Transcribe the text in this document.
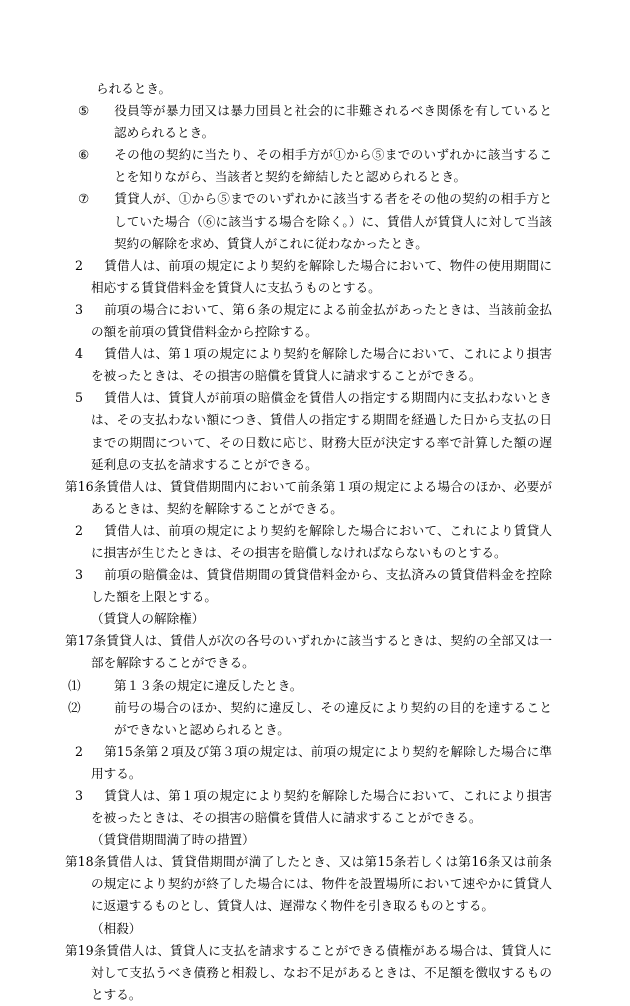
られるとき。

⑤ 役員等が暴力団又は暴力団員と社会的に非難されるべき関係を有していると認められるとき。

⑥ その他の契約に当たり、その相手方が①から⑤までのいずれかに該当することを知りながら、当該者と契約を締結したと認められるとき。

⑦ 賃貸人が、①から⑤までのいずれかに該当する者をその他の契約の相手方としていた場合（⑥に該当する場合を除く。）に、賃借人が賃貸人に対して当該契約の解除を求め、賃貸人がこれに従わなかったとき。

2 賃借人は、前項の規定により契約を解除した場合において、物件の使用期間に相応する賃貸借料金を賃貸人に支払うものとする。

3 前項の場合において、第６条の規定による前金払があったときは、当該前金払の額を前項の賃貸借料金から控除する。

4 賃借人は、第１項の規定により契約を解除した場合において、これにより損害を被ったときは、その損害の賠償を賃貸人に請求することができる。

5 賃借人は、賃貸人が前項の賠償金を賃借人の指定する期間内に支払わないときは、その支払わない額につき、賃借人の指定する期間を経過した日から支払の日までの期間について、その日数に応じ、財務大臣が決定する率で計算した額の遅延利息の支払を請求することができる。

第16条賃借人は、賃貸借期間内において前条第１項の規定による場合のほか、必要があるときは、契約を解除することができる。

2 賃借人は、前項の規定により契約を解除した場合において、これにより賃貸人に損害が生じたときは、その損害を賠償しなければならないものとする。

3 前項の賠償金は、賃貸借期間の賃貸借料金から、支払済みの賃貸借料金を控除した額を上限とする。

（賃貸人の解除権）

第17条賃貸人は、賃借人が次の各号のいずれかに該当するときは、契約の全部又は一部を解除することができる。

⑴	第１３条の規定に違反したとき。

⑵	前号の場合のほか、契約に違反し、その違反により契約の目的を達することができないと認められるとき。

2 第15条第２項及び第３項の規定は、前項の規定により契約を解除した場合に準用する。

3 賃貸人は、第１項の規定により契約を解除した場合において、これにより損害を被ったときは、その損害の賠償を賃借人に請求することができる。

（賃貸借期間満了時の措置）

第18条賃借人は、賃貸借期間が満了したとき、又は第15条若しくは第16条又は前条の規定により契約が終了した場合には、物件を設置場所において速やかに賃貸人に返還するものとし、賃貸人は、遅滞なく物件を引き取るものとする。

（相殺）

第19条賃借人は、賃貸人に支払を請求することができる債権がある場合は、賃貸人に対して支払うべき債務と相殺し、なお不足があるときは、不足額を徴収するものとする。
